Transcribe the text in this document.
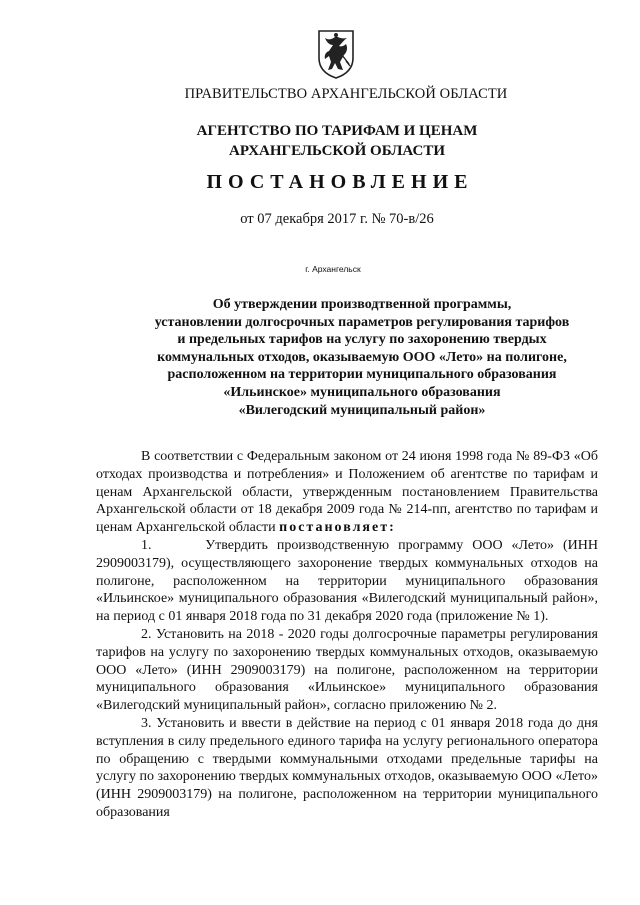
ПРАВИТЕЛЬСТВО АРХАНГЕЛЬСКОЙ ОБЛАСТИ
АГЕНТСТВО ПО ТАРИФАМ И ЦЕНАМ
АРХАНГЕЛЬСКОЙ ОБЛАСТИ
ПОСТАНОВЛЕНИЕ
от 07 декабря 2017 г. № 70-в/26
г. Архангельск
Об утверждении производтвенной программы,
установлении долгосрочных параметров регулирования тарифов
и предельных тарифов на услугу по захоронению твердых
коммунальных отходов, оказываемую ООО «Лето» на полигоне,
расположенном на территории муниципального образования
«Ильинское» муниципального образования
«Вилегодский муниципальный район»

В соответствии с Федеральным законом от 24 июня 1998 года № 89-ФЗ «Об отходах производства и потребления» и Положением об агентстве по тарифам и ценам Архангельской области, утвержденным постановлением Правительства Архангельской области от 18 декабря 2009 года № 214-пп, агентство по тарифам и ценам Архангельской области постановляет:

1.      Утвердить производственную программу ООО «Лето» (ИНН 2909003179), осуществляющего захоронение твердых коммунальных отходов на полигоне, расположенном на территории муниципального образования «Ильинское» муниципального образования «Вилегодский муниципальный район», на период с 01 января 2018 года по 31 декабря 2020 года (приложение № 1).

2. Установить на 2018 - 2020 годы долгосрочные параметры регулирования тарифов на услугу по захоронению твердых коммунальных отходов, оказываемую ООО «Лето» (ИНН 2909003179) на полигоне, расположенном на территории муниципального образования «Ильинское» муниципального образования «Вилегодский муниципальный район», согласно приложению № 2.

3. Установить и ввести в действие на период с 01 января 2018 года до дня вступления в силу предельного единого тарифа на услугу регионального оператора по обращению с твердыми коммунальными отходами предельные тарифы на услугу по захоронению твердых коммунальных отходов, оказываемую ООО «Лето» (ИНН 2909003179) на полигоне, расположенном на территории муниципального образования
